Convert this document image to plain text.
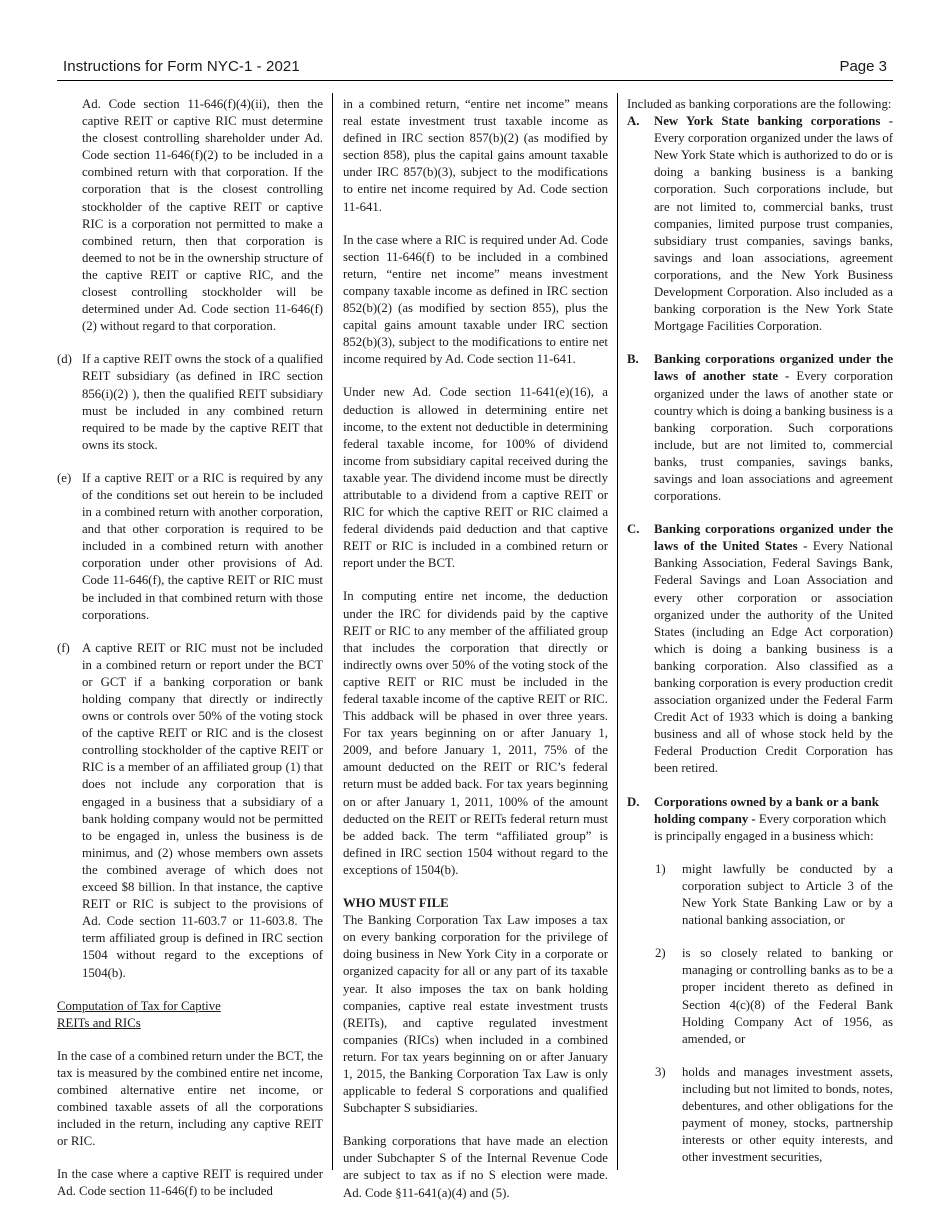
Instructions for Form NYC-1 - 2021	Page 3

Ad. Code section 11-646(f)(4)(ii), then the captive REIT or captive RIC must determine the closest controlling shareholder under Ad. Code section 11-646(f)(2) to be included in a combined return with that corporation. If the corporation that is the closest controlling stockholder of the captive REIT or captive RIC is a corporation not permitted to make a combined return, then that corporation is deemed to not be in the ownership structure of the captive REIT or captive RIC, and the closest controlling stockholder will be determined under Ad. Code section 11-646(f)(2) without regard to that corporation.

(d) If a captive REIT owns the stock of a qualified REIT subsidiary (as defined in IRC section 856(i)(2) ), then the qualified REIT subsidiary must be included in any combined return required to be made by the captive REIT that owns its stock.

(e) If a captive REIT or a RIC is required by any of the conditions set out herein to be included in a combined return with another corporation, and that other corporation is required to be included in a combined return with another corporation under other provisions of Ad. Code 11-646(f), the captive REIT or RIC must be included in that combined return with those corporations.

(f) A captive REIT or RIC must not be included in a combined return or report under the BCT or GCT if a banking corporation or bank holding company that directly or indirectly owns or controls over 50% of the voting stock of the captive REIT or RIC and is the closest controlling stockholder of the captive REIT or RIC is a member of an affiliated group (1) that does not include any corporation that is engaged in a business that a subsidiary of a bank holding company would not be permitted to be engaged in, unless the business is de minimus, and (2) whose members own assets the combined average of which does not exceed $8 billion. In that instance, the captive REIT or RIC is subject to the provisions of Ad. Code section 11-603.7 or 11-603.8. The term affiliated group is defined in IRC section 1504 without regard to the exceptions of 1504(b).

Computation of Tax for Captive
REITs and RICs

In the case of a combined return under the BCT, the tax is measured by the combined entire net income, combined alternative entire net income, or combined taxable assets of all the corporations included in the return, including any captive REIT or RIC.

In the case where a captive REIT is required under Ad. Code section 11-646(f) to be included

in a combined return, “entire net income” means real estate investment trust taxable income as defined in IRC section 857(b)(2) (as modified by section 858), plus the capital gains amount taxable under IRC 857(b)(3), subject to the modifications to entire net income required by Ad. Code section 11-641.

In the case where a RIC is required under Ad. Code section 11-646(f) to be included in a combined return, “entire net income” means investment company taxable income as defined in IRC section 852(b)(2) (as modified by section 855), plus the capital gains amount taxable under IRC section 852(b)(3), subject to the modifications to entire net income required by Ad. Code section 11-641.

Under new Ad. Code section 11-641(e)(16), a deduction is allowed in determining entire net income, to the extent not deductible in determining federal taxable income, for 100% of dividend income from subsidiary capital received during the taxable year. The dividend income must be directly attributable to a dividend from a captive REIT or RIC for which the captive REIT or RIC claimed a federal dividends paid deduction and that captive REIT or RIC is included in a combined return or report under the BCT.

In computing entire net income, the deduction under the IRC for dividends paid by the captive REIT or RIC to any member of the affiliated group that includes the corporation that directly or indirectly owns over 50% of the voting stock of the captive REIT or RIC must be included in the federal taxable income of the captive REIT or RIC. This addback will be phased in over three years. For tax years beginning on or after January 1, 2009, and before January 1, 2011, 75% of the amount deducted on the REIT or RIC’s federal return must be added back. For tax years beginning on or after January 1, 2011, 100% of the amount deducted on the REIT or REITs federal return must be added back. The term “affiliated group” is defined in IRC section 1504 without regard to the exceptions of 1504(b).

WHO MUST FILE

The Banking Corporation Tax Law imposes a tax on every banking corporation for the privilege of doing business in New York City in a corporate or organized capacity for all or any part of its taxable year. It also imposes the tax on bank holding companies, captive real estate investment trusts (REITs), and captive regulated investment companies (RICs) when included in a combined return. For tax years beginning on or after January 1, 2015, the Banking Corporation Tax Law is only applicable to federal S corporations and qualified Subchapter S subsidiaries.

Banking corporations that have made an election under Subchapter S of the Internal Revenue Code are subject to tax as if no S election were made. Ad. Code §11-641(a)(4) and (5).

Included as banking corporations are the following:

A. New York State banking corporations - Every corporation organized under the laws of New York State which is authorized to do or is doing a banking business is a banking corporation. Such corporations include, but are not limited to, commercial banks, trust companies, limited purpose trust companies, subsidiary trust companies, savings banks, savings and loan associations, agreement corporations, and the New York Business Development Corporation. Also included as a banking corporation is the New York State Mortgage Facilities Corporation.

B. Banking corporations organized under the laws of another state - Every corporation organized under the laws of another state or country which is doing a banking business is a banking corporation. Such corporations include, but are not limited to, commercial banks, trust companies, savings banks, savings and loan associations and agreement corporations.

C. Banking corporations organized under the laws of the United States - Every National Banking Association, Federal Savings Bank, Federal Savings and Loan Association and every other corporation or association organized under the authority of the United States (including an Edge Act corporation) which is doing a banking business is a banking corporation. Also classified as a banking corporation is every production credit association organized under the Federal Farm Credit Act of 1933 which is doing a banking business and all of whose stock held by the Federal Production Credit Corporation has been retired.

D. Corporations owned by a bank or a bank holding company - Every corporation which is principally engaged in a business which:

1) might lawfully be conducted by a corporation subject to Article 3 of the New York State Banking Law or by a national banking association, or

2) is so closely related to banking or managing or controlling banks as to be a proper incident thereto as defined in Section 4(c)(8) of the Federal Bank Holding Company Act of 1956, as amended, or

3) holds and manages investment assets, including but not limited to bonds, notes, debentures, and other obligations for the payment of money, stocks, partnership interests or other equity interests, and other investment securities,
